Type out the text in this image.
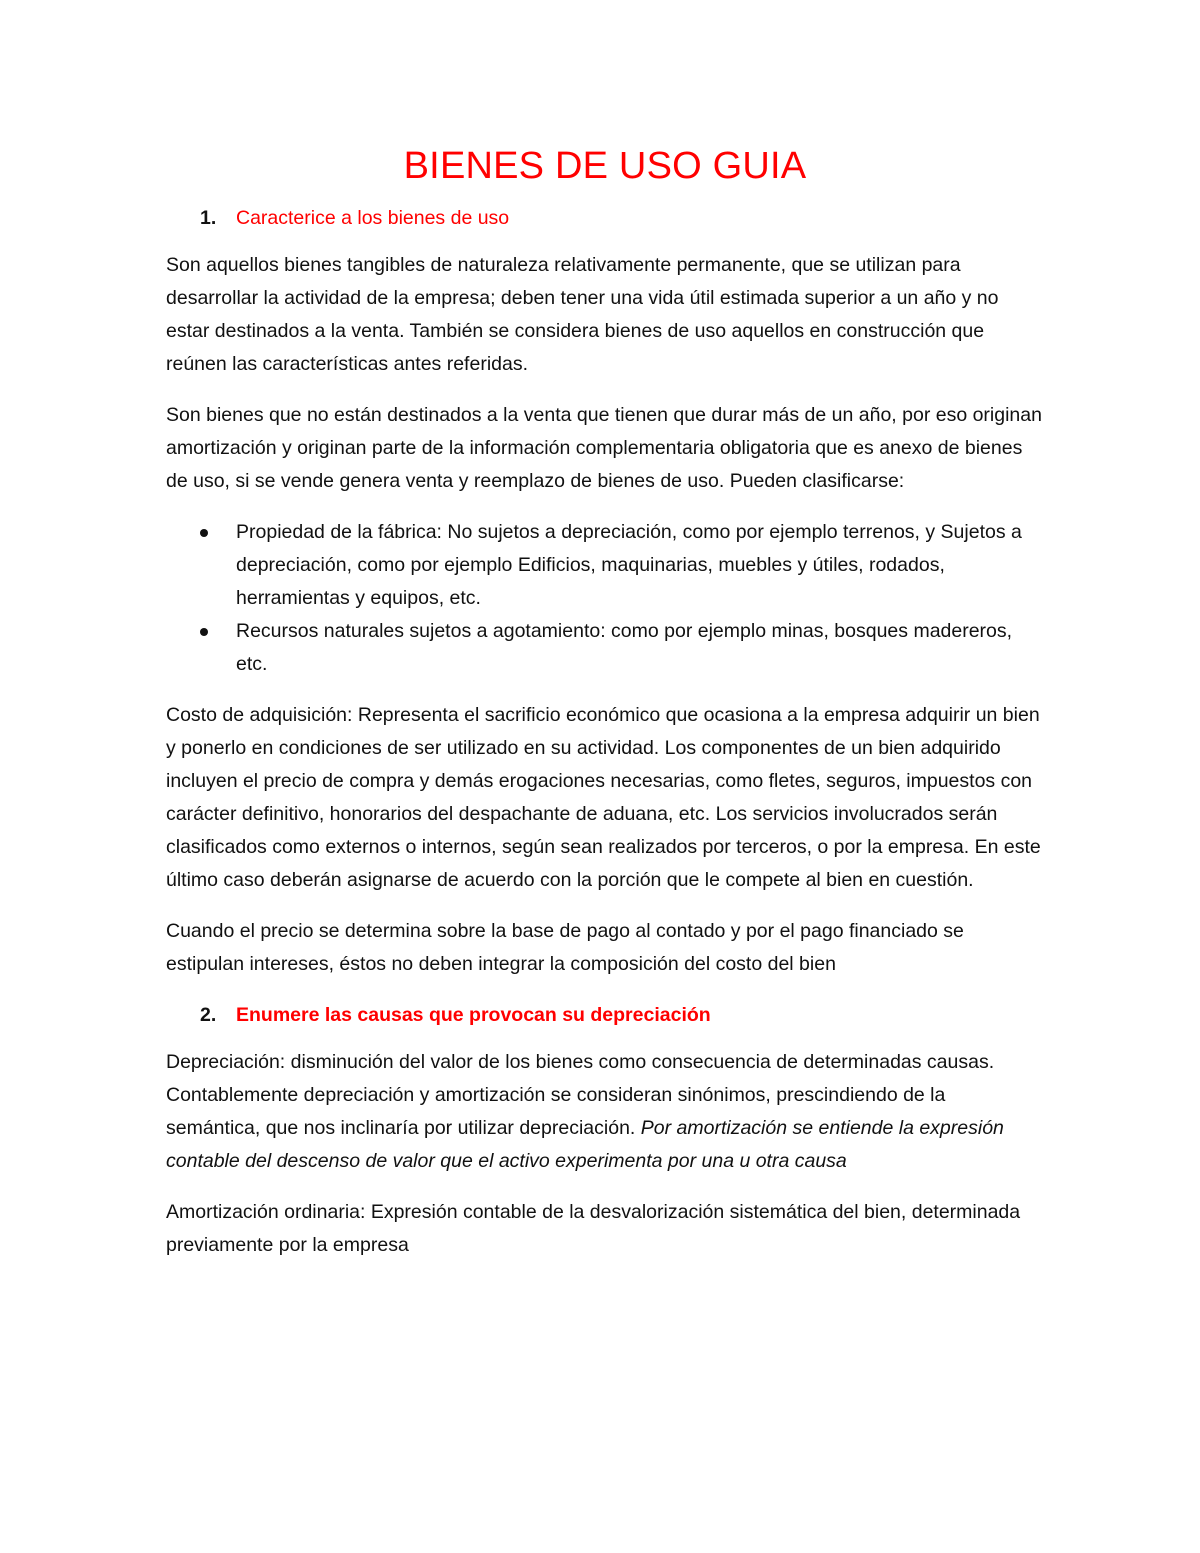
BIENES DE USO GUIA
1.	Caracterice a los bienes de uso

Son aquellos bienes tangibles de naturaleza relativamente permanente, que se utilizan para desarrollar la actividad de la empresa; deben tener una vida útil estimada superior a un año y no estar destinados a la venta. También se considera bienes de uso aquellos en construcción que reúnen las características antes referidas.

Son bienes que no están destinados a la venta que tienen que durar más de un año, por eso originan amortización y originan parte de la información complementaria obligatoria que es anexo de bienes de uso, si se vende genera venta y reemplazo de bienes de uso. Pueden clasificarse:

Propiedad de la fábrica: No sujetos a depreciación, como por ejemplo terrenos, y Sujetos a depreciación, como por ejemplo Edificios, maquinarias, muebles y útiles, rodados, herramientas y equipos, etc.
Recursos naturales sujetos a agotamiento: como por ejemplo minas, bosques madereros, etc.

Costo de adquisición: Representa el sacrificio económico que ocasiona a la empresa adquirir un bien y ponerlo en condiciones de ser utilizado en su actividad. Los componentes de un bien adquirido incluyen el precio de compra y demás erogaciones necesarias, como fletes, seguros, impuestos con carácter definitivo, honorarios del despachante de aduana, etc. Los servicios involucrados serán clasificados como externos o internos, según sean realizados por terceros, o por la empresa. En este último caso deberán asignarse de acuerdo con la porción que le compete al bien en cuestión.

Cuando el precio se determina sobre la base de pago al contado y por el pago financiado se estipulan intereses, éstos no deben integrar la composición del costo del bien

2.	Enumere las causas que provocan su depreciación

Depreciación: disminución del valor de los bienes como consecuencia de determinadas causas. Contablemente depreciación y amortización se consideran sinónimos, prescindiendo de la semántica, que nos inclinaría por utilizar depreciación. Por amortización se entiende la expresión contable del descenso de valor que el activo experimenta por una u otra causa

Amortización ordinaria: Expresión contable de la desvalorización sistemática del bien, determinada previamente por la empresa
